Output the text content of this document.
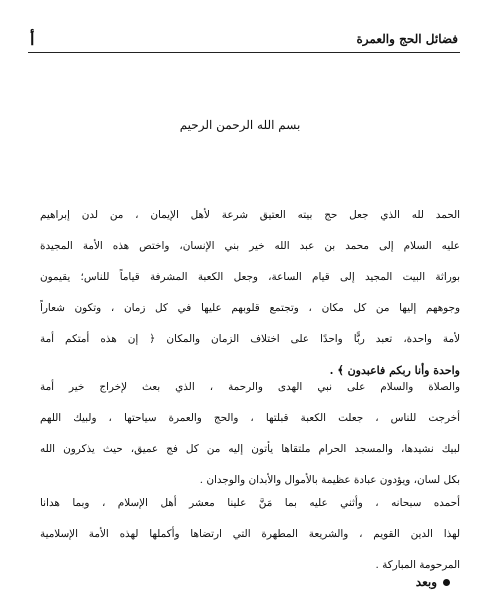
أ	فضائل الحج والعمرة
بسم الله الرحمن الرحيم
الحمد لله الذي جعل حج بيته العتيق شرعة لأهل الإيمان ، من لدن إبراهيم
عليه السلام إلى محمد بن عبد الله خير بني الإنسان، واختص هذه الأمة المجيدة
بوراثة البيت المجيد إلى قيام الساعة، وجعل الكعبة المشرفة قياماً للناس؛ يقيمون
وجوههم إليها من كل مكان ، وتجتمع قلوبهم عليها في كل زمان ، وتكون شعاراً
لأمة واحدة، تعبد ربًّا واحدًا على اختلاف الزمان والمكان ﴿ إن هذه أمتكم أمة
واحدة وأنا ربكم فاعبدون ﴾ .
والصلاة والسلام على نبي الهدى والرحمة ، الذي بعث لإخراج خير أمة
أخرجت للناس ، جعلت الكعبة قبلتها ، والحج والعمرة سياحتها ، ولبيك اللهم
لبيك نشيدها، والمسجد الحرام ملتقاها يأتون إليه من كل فج عميق، حيث يذكرون الله
بكل لسان، ويؤدون عبادة عظيمة بالأموال والأبدان والوجدان .
أحمده سبحانه ، وأثني عليه بما مَنَّ علينا معشر أهل الإسلام ، وبما هدانا
لهذا الدين القويم ، والشريعة المطهرة التي ارتضاها وأكملها لهذه الأمة الإسلامية
المرحومة المباركة .
وبعد
